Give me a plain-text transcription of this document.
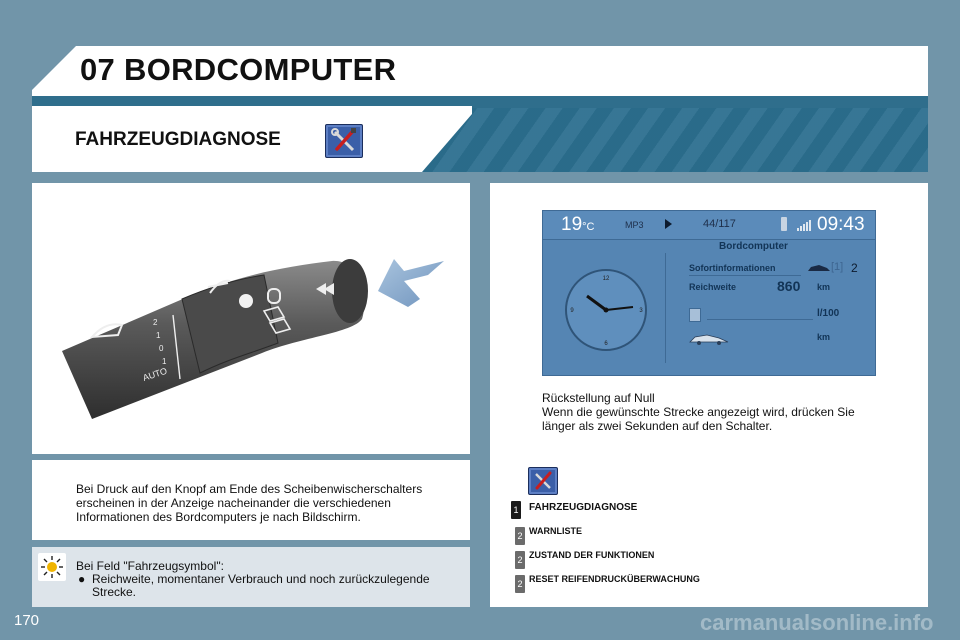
07 BORDCOMPUTER
FAHRZEUGDIAGNOSE
2
1
0
1
AUTO
Bei Druck auf den Knopf am Ende des Scheibenwischerschalters
erscheinen in der Anzeige nacheinander die verschiedenen
Informationen des Bordcomputers je nach Bildschirm.
Bei Feld "Fahrzeugsymbol":
● Reichweite, momentaner Verbrauch und noch zurückzulegende
Strecke.
19°C	MP3	44/117	09:43
Bordcomputer
12
3
6
9
Sofortinformationen	[1] 2
Reichweite	860 km
l/100
km
Rückstellung auf Null
Wenn die gewünschte Strecke angezeigt wird, drücken Sie
länger als zwei Sekunden auf den Schalter.
1 FAHRZEUGDIAGNOSE
2 WARNLISTE
2 ZUSTAND DER FUNKTIONEN
2 RESET REIFENDRUCKÜBERWACHUNG
170	carmanualsonline.info
